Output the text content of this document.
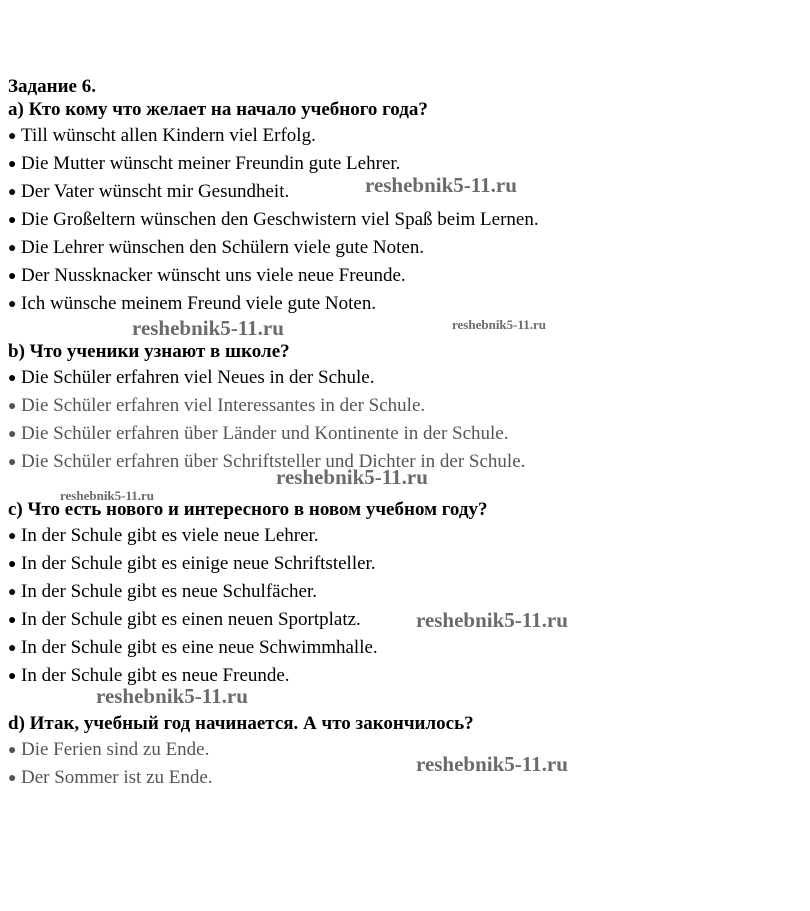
Задание 6.

a) Кто кому что желает на начало учебного года?

● Till wünscht allen Kindern viel Erfolg.
● Die Mutter wünscht meiner Freundin gute Lehrer.
● Der Vater wünscht mir Gesundheit.
● Die Großeltern wünschen den Geschwistern viel Spaß beim Lernen.
● Die Lehrer wünschen den Schülern viele gute Noten.
● Der Nussknacker wünscht uns viele neue Freunde.
● Ich wünsche meinem Freund viele gute Noten.

b) Что ученики узнают в школе?

● Die Schüler erfahren viel Neues in der Schule.
● Die Schüler erfahren viel Interessantes in der Schule.
● Die Schüler erfahren über Länder und Kontinente in der Schule.
● Die Schüler erfahren über Schriftsteller und Dichter in der Schule.

c) Что есть нового и интересного в новом учебном году?

● In der Schule gibt es viele neue Lehrer.
● In der Schule gibt es einige neue Schriftsteller.
● In der Schule gibt es neue Schulfächer.
● In der Schule gibt es einen neuen Sportplatz.
● In der Schule gibt es eine neue Schwimmhalle.
● In der Schule gibt es neue Freunde.

d) Итак, учебный год начинается. А что закончилось?

● Die Ferien sind zu Ende.
● Der Sommer ist zu Ende.
reshebnik5-11.ru
reshebnik5-11.ru	reshebnik5-11.ru
reshebnik5-11.ru
reshebnik5-11.ru
reshebnik5-11.ru
reshebnik5-11.ru
reshebnik5-11.ru
